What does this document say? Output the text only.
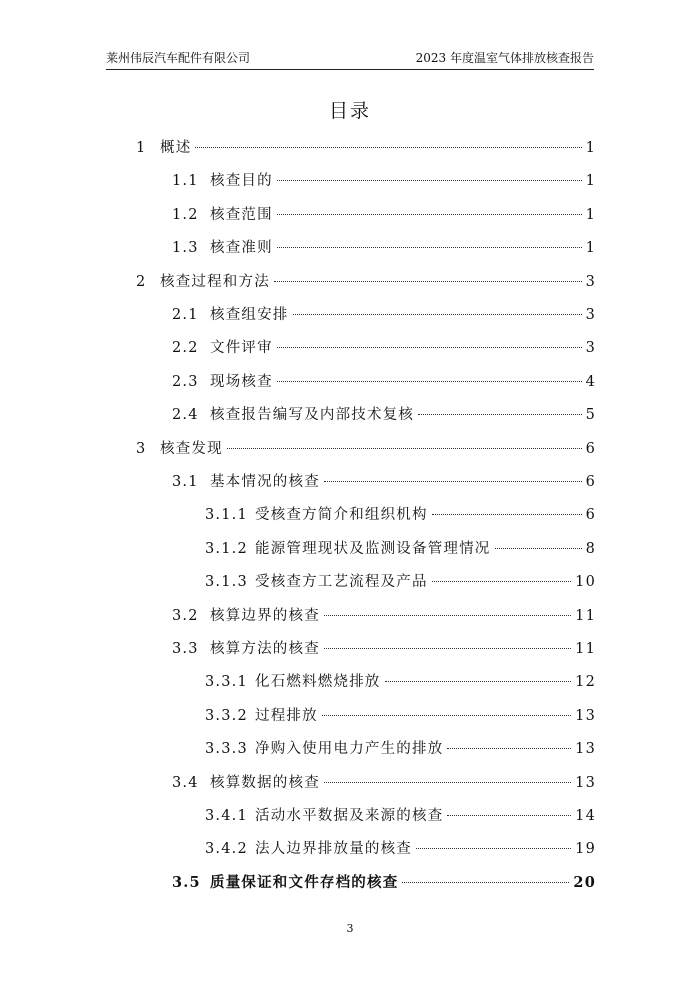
莱州伟辰汽车配件有限公司	2023 年度温室气体排放核查报告
目录
1 概述	1
1.1 核查目的	1
1.2 核查范围	1
1.3 核查准则	1
2 核查过程和方法	3
2.1 核查组安排	3
2.2 文件评审	3
2.3 现场核查	4
2.4 核查报告编写及内部技术复核	5
3 核查发现	6
3.1 基本情况的核查	6
3.1.1 受核查方简介和组织机构	6
3.1.2 能源管理现状及监测设备管理情况	8
3.1.3 受核查方工艺流程及产品	10
3.2 核算边界的核查	11
3.3 核算方法的核查	11
3.3.1 化石燃料燃烧排放	12
3.3.2 过程排放	13
3.3.3 净购入使用电力产生的排放	13
3.4 核算数据的核查	13
3.4.1 活动水平数据及来源的核查	14
3.4.2 法人边界排放量的核查	19
3.5 质量保证和文件存档的核查	20
3
